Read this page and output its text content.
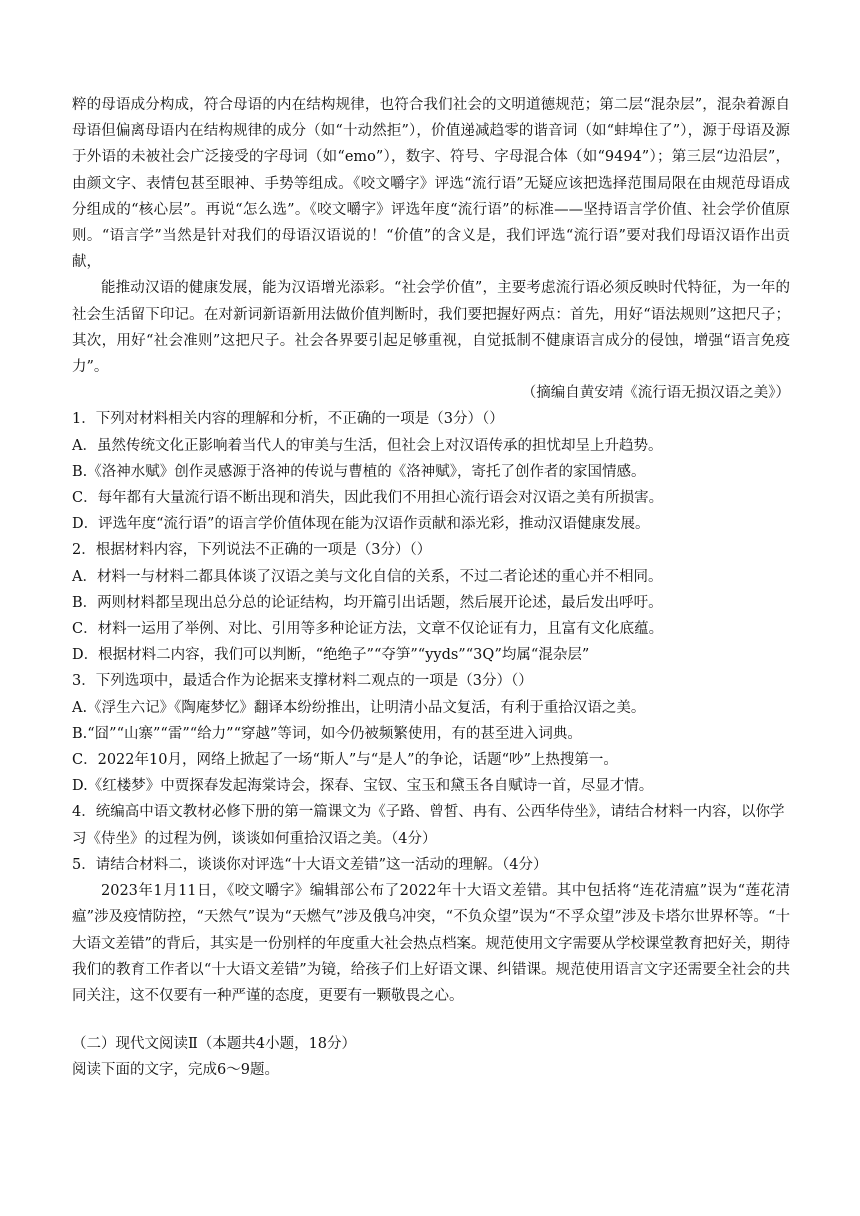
粹的母语成分构成，符合母语的内在结构规律，也符合我们社会的文明道德规范；第二层“混杂层”，混杂着源自母语但偏离母语内在结构规律的成分（如“十动然拒”），价值递减趋零的谐音词（如“蚌埠住了”），源于母语及源于外语的未被社会广泛接受的字母词（如“emo”），数字、符号、字母混合体（如“9494”）；第三层“边沿层”，由颜文字、表情包甚至眼神、手势等组成。《咬文嚼字》评选“流行语”无疑应该把选择范围局限在由规范母语成分组成的“核心层”。再说“怎么选”。《咬文嚼字》评选年度“流行语”的标准——坚持语言学价值、社会学价值原则。“语言学”当然是针对我们的母语汉语说的！“价值”的含义是，我们评选“流行语”要对我们母语汉语作出贡献，

能推动汉语的健康发展，能为汉语增光添彩。“社会学价值”，主要考虑流行语必须反映时代特征，为一年的社会生活留下印记。在对新词新语新用法做价值判断时，我们要把握好两点：首先，用好“语法规则”这把尺子；其次，用好“社会准则”这把尺子。社会各界要引起足够重视，自觉抵制不健康语言成分的侵蚀，增强“语言免疫力”。

（摘编自黄安靖《流行语无损汉语之美》）

1．下列对材料相关内容的理解和分析，不正确的一项是（3分）（）

A．虽然传统文化正影响着当代人的审美与生活，但社会上对汉语传承的担忧却呈上升趋势。

B.《洛神水赋》创作灵感源于洛神的传说与曹植的《洛神赋》，寄托了创作者的家国情感。

C．每年都有大量流行语不断出现和消失，因此我们不用担心流行语会对汉语之美有所损害。

D．评选年度“流行语”的语言学价值体现在能为汉语作贡献和添光彩，推动汉语健康发展。

2．根据材料内容，下列说法不正确的一项是（3分）（）

A．材料一与材料二都具体谈了汉语之美与文化自信的关系，不过二者论述的重心并不相同。

B．两则材料都呈现出总分总的论证结构，均开篇引出话题，然后展开论述，最后发出呼吁。

C．材料一运用了举例、对比、引用等多种论证方法，文章不仅论证有力，且富有文化底蕴。

D．根据材料二内容，我们可以判断，“绝绝子”“夺笋”“yyds”“3Q”均属“混杂层”

3．下列选项中，最适合作为论据来支撑材料二观点的一项是（3分）（）

A.《浮生六记》《陶庵梦忆》翻译本纷纷推出，让明清小品文复活，有利于重拾汉语之美。

B.“囧”“山寨”“雷”“给力”“穿越”等词，如今仍被频繁使用，有的甚至进入词典。

C．2022年10月，网络上掀起了一场“斯人”与“是人”的争论，话题“吵”上热搜第一。

D.《红楼梦》中贾探春发起海棠诗会，探春、宝钗、宝玉和黛玉各自赋诗一首，尽显才情。

4．统编高中语文教材必修下册的第一篇课文为《子路、曾皙、冉有、公西华侍坐》，请结合材料一内容，以你学习《侍坐》的过程为例，谈谈如何重拾汉语之美。（4分）

5．请结合材料二，谈谈你对评选“十大语文差错”这一活动的理解。（4分）

2023年1月11日，《咬文嚼字》编辑部公布了2022年十大语文差错。其中包括将“连花清瘟”误为“莲花清瘟”涉及疫情防控，“天然气”误为“天燃气”涉及俄乌冲突，“不负众望”误为“不孚众望”涉及卡塔尔世界杯等。“十大语文差错”的背后，其实是一份别样的年度重大社会热点档案。规范使用文字需要从学校课堂教育把好关，期待我们的教育工作者以“十大语文差错”为镜，给孩子们上好语文课、纠错课。规范使用语言文字还需要全社会的共同关注，这不仅要有一种严谨的态度，更要有一颗敬畏之心。

（二）现代文阅读Ⅱ（本题共4小题，18分）

阅读下面的文字，完成6～9题。
